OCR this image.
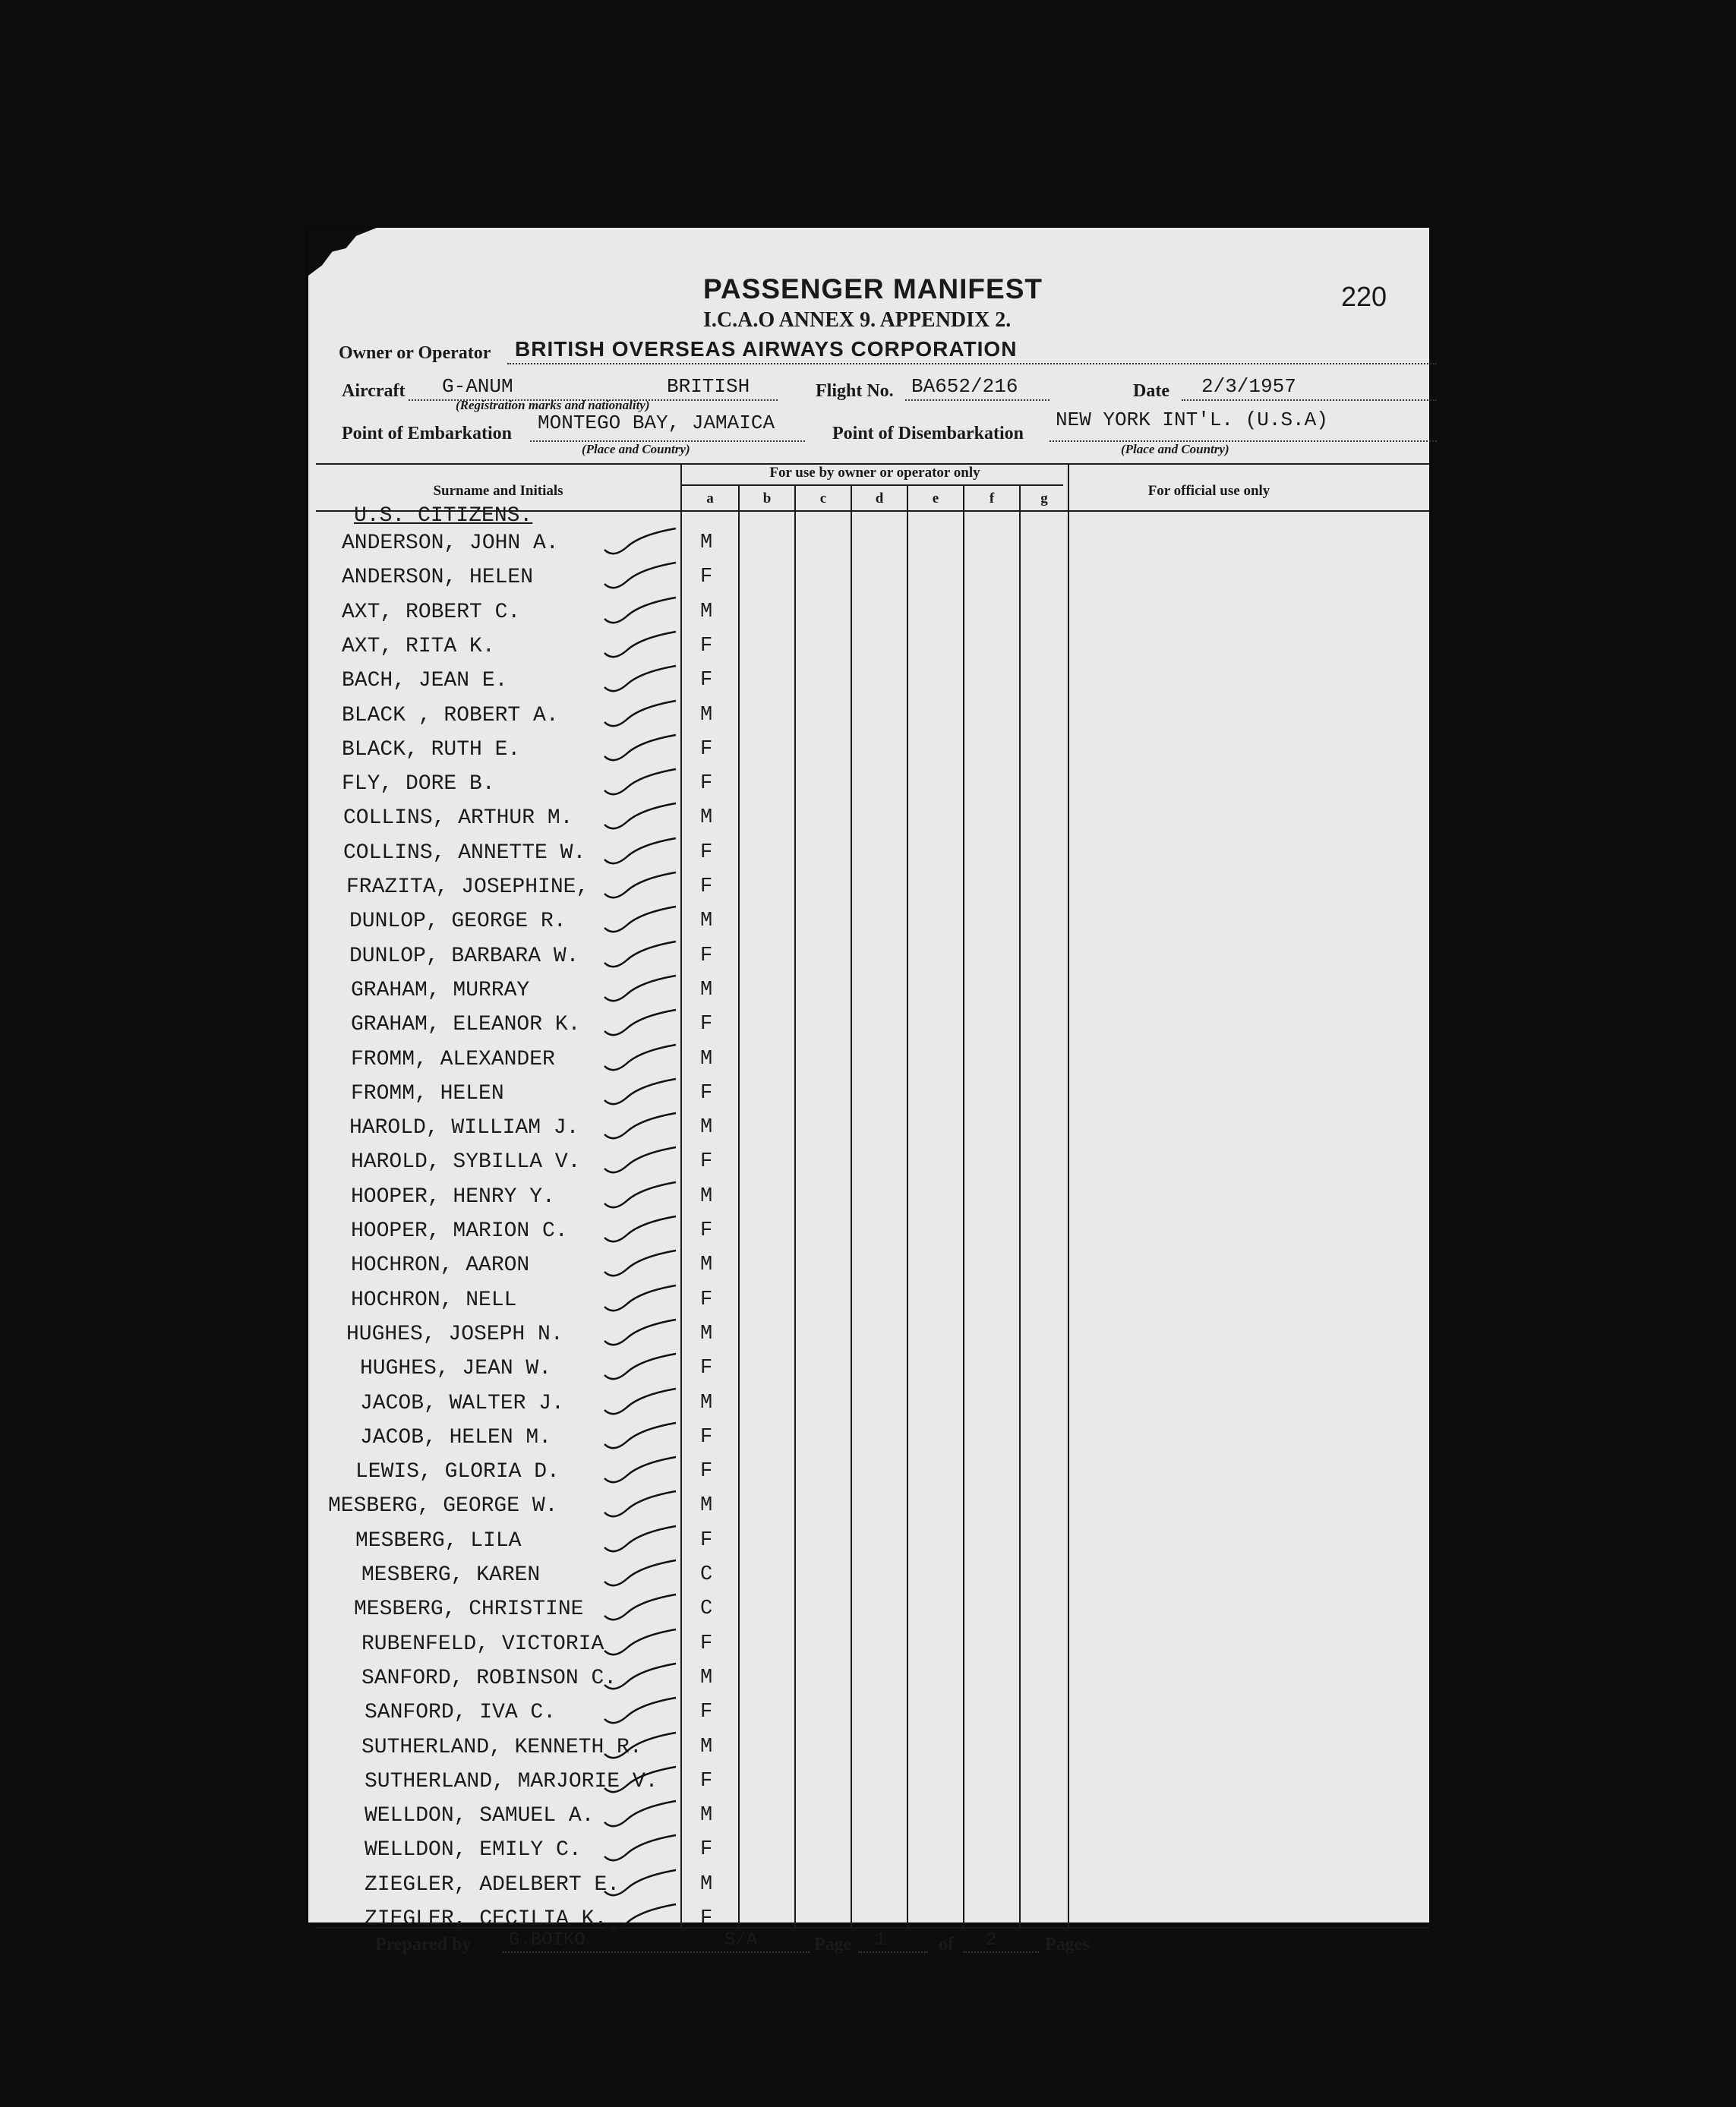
PASSENGER MANIFEST
I.C.A.O ANNEX 9. APPENDIX 2.
220
Owner or Operator BRITISH OVERSEAS AIRWAYS CORPORATION
Aircraft G-ANUM	BRITISH
(Registration marks and nationality)
Flight No. BA652/216	Date 2/3/1957
Point of Embarkation MONTEGO BAY, JAMAICA
(Place and Country)
Point of Disembarkation
NEW YORK INT'L. (U.S.A)
(Place and Country)
Surname and Initials
For use by owner or operator only
For official use only
a	b	c	d	e	f	g
U.S. CITIZENS.
ANDERSON, JOHN A.	M
ANDERSON, HELEN	F
AXT, ROBERT C.	M
AXT, RITA K.	F
BACH, JEAN E.	F
BLACK , ROBERT A.	M
BLACK, RUTH E.	F
FLY, DORE B.	F
COLLINS, ARTHUR M.	M
COLLINS, ANNETTE W.	F
FRAZITA, JOSEPHINE,	F
DUNLOP, GEORGE R.	M
DUNLOP, BARBARA W.	F
GRAHAM, MURRAY	M
GRAHAM, ELEANOR K.	F
FROMM, ALEXANDER	M
FROMM, HELEN	F
HAROLD, WILLIAM J.	M
HAROLD, SYBILLA V.	F
HOOPER, HENRY Y.	M
HOOPER, MARION C.	F
HOCHRON, AARON	M
HOCHRON, NELL	F
HUGHES, JOSEPH N.	M
HUGHES, JEAN W.	F
JACOB, WALTER J.	M
JACOB, HELEN M.	F
LEWIS, GLORIA D.	F
MESBERG, GEORGE W.	M
MESBERG, LILA	F
MESBERG, KAREN	C
MESBERG, CHRISTINE	C
RUBENFELD, VICTORIA	F
SANFORD, ROBINSON C.	M
SANFORD, IVA C.	F
SUTHERLAND, KENNETH R.	M
SUTHERLAND, MARJORIE V. F
WELLDON, SAMUEL A.	M
WELLDON, EMILY C.	F
ZIEGLER, ADELBERT E.	M
ZIEGLER, CECILIA K.	F
Prepared by G.BOIKO	S/A	Page 1	of 2	Pages
